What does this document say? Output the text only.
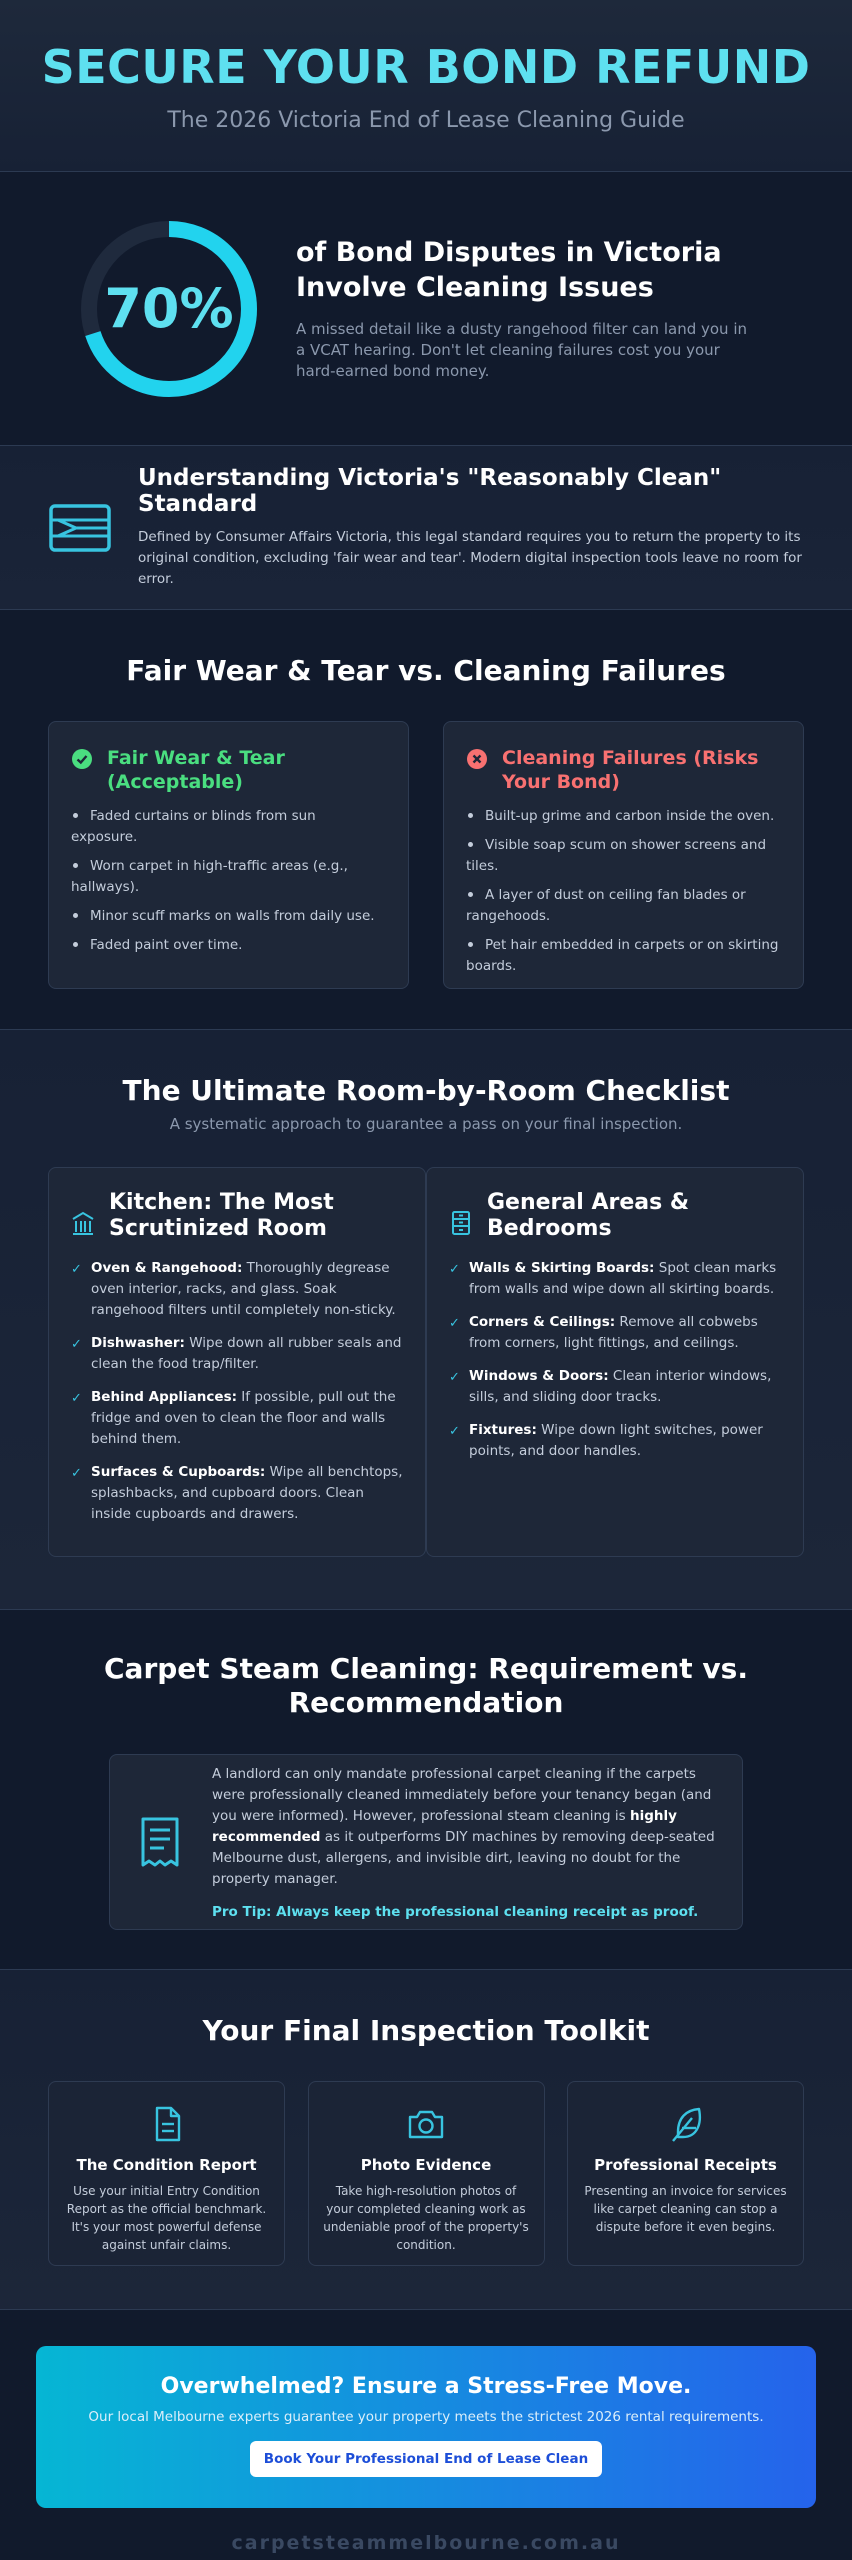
SECURE YOUR BOND REFUND
The 2026 Victoria End of Lease Cleaning Guide
70%
of Bond Disputes in Victoria Involve Cleaning Issues

A missed detail like a dusty rangehood filter can land you in a VCAT hearing. Don't let cleaning failures cost you your hard-earned bond money.

Understanding Victoria's "Reasonably Clean" Standard

Defined by Consumer Affairs Victoria, this legal standard requires you to return the property to its original condition, excluding 'fair wear and tear'. Modern digital inspection tools leave no room for error.

Fair Wear & Tear vs. Cleaning Failures
Fair Wear & Tear (Acceptable)
Faded curtains or blinds from sun exposure.
Worn carpet in high-traffic areas (e.g., hallways).
Minor scuff marks on walls from daily use.
Faded paint over time.
Cleaning Failures (Risks Your Bond)
Built-up grime and carbon inside the oven.
Visible soap scum on shower screens and tiles.
A layer of dust on ceiling fan blades or rangehoods.
Pet hair embedded in carpets or on skirting boards.
The Ultimate Room-by-Room Checklist
A systematic approach to guarantee a pass on your final inspection.
Kitchen: The Most Scrutinized Room
✓ Oven & Rangehood: Thoroughly degrease oven interior, racks, and glass. Soak rangehood filters until completely non-sticky.
✓ Dishwasher: Wipe down all rubber seals and clean the food trap/filter.
✓ Behind Appliances: If possible, pull out the fridge and oven to clean the floor and walls behind them.
✓ Surfaces & Cupboards: Wipe all benchtops, splashbacks, and cupboard doors. Clean inside cupboards and drawers.
General Areas & Bedrooms
✓ Walls & Skirting Boards: Spot clean marks from walls and wipe down all skirting boards.
✓ Corners & Ceilings: Remove all cobwebs from corners, light fittings, and ceilings.
✓ Windows & Doors: Clean interior windows, sills, and sliding door tracks.
✓ Fixtures: Wipe down light switches, power points, and door handles.
Carpet Steam Cleaning: Requirement vs.
Recommendation

A landlord can only mandate professional carpet cleaning if the carpets were professionally cleaned immediately before your tenancy began (and you were informed). However, professional steam cleaning is highly recommended as it outperforms DIY machines by removing deep-seated Melbourne dust, allergens, and invisible dirt, leaving no doubt for the property manager.

Pro Tip: Always keep the professional cleaning receipt as proof.
Your Final Inspection Toolkit
The Condition Report

Use your initial Entry Condition Report as the official benchmark. It's your most powerful defense against unfair claims.

Photo Evidence

Take high-resolution photos of your completed cleaning work as undeniable proof of the property's condition.

Professional Receipts

Presenting an invoice for services like carpet cleaning can stop a dispute before it even begins.

Overwhelmed? Ensure a Stress-Free Move.

Our local Melbourne experts guarantee your property meets the strictest 2026 rental requirements.

Book Your Professional End of Lease Clean
carpetsteammelbourne.com.au
